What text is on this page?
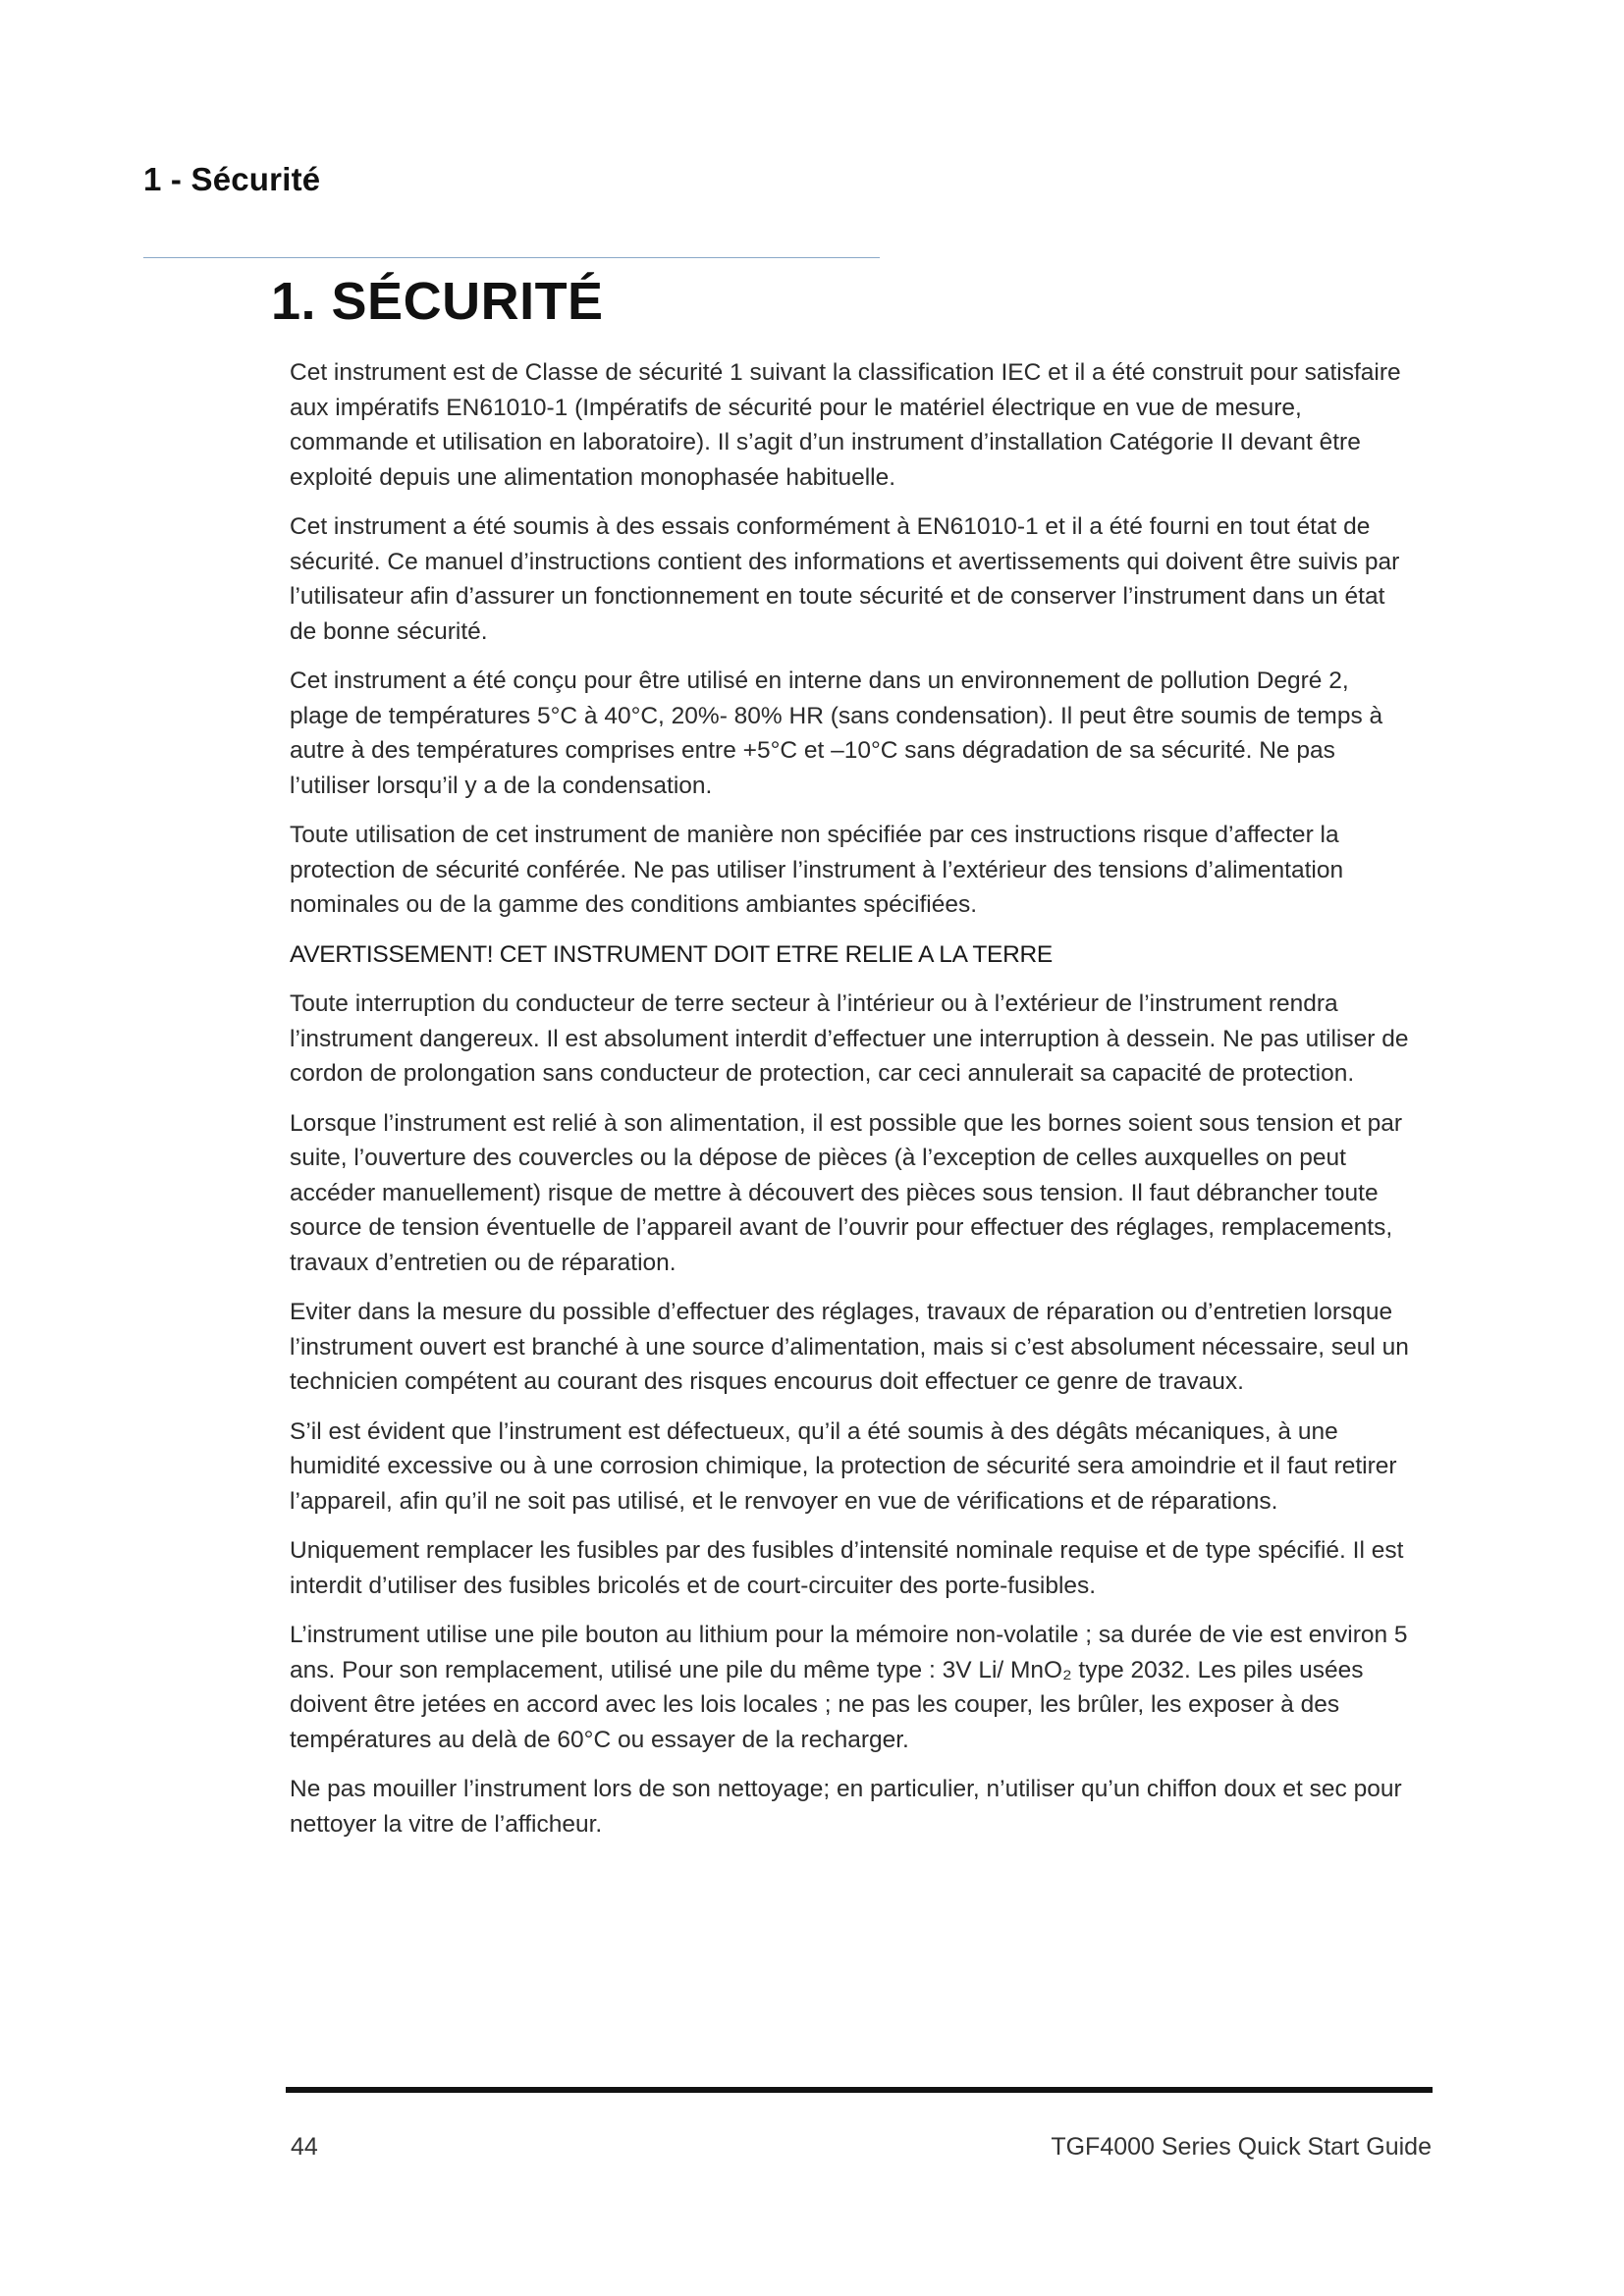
1 - Sécurité
1. SÉCURITÉ

Cet instrument est de Classe de sécurité 1 suivant la classification IEC et il a été construit pour satisfaire aux impératifs EN61010-1 (Impératifs de sécurité pour le matériel électrique en vue de mesure, commande et utilisation en laboratoire). Il s’agit d’un instrument d’installation Catégorie II devant être exploité depuis une alimentation monophasée habituelle.

Cet instrument a été soumis à des essais conformément à EN61010-1 et il a été fourni en tout état de sécurité. Ce manuel d’instructions contient des informations et avertissements qui doivent être suivis par l’utilisateur afin d’assurer un fonctionnement en toute sécurité et de conserver l’instrument dans un état de bonne sécurité.

Cet instrument a été conçu pour être utilisé en interne dans un environnement de pollution Degré 2, plage de températures 5°C à 40°C, 20%- 80% HR (sans condensation). Il peut être soumis de temps à autre à des températures comprises entre +5°C et –10°C sans dégradation de sa sécurité. Ne pas l’utiliser lorsqu’il y a de la condensation.

Toute utilisation de cet instrument de manière non spécifiée par ces instructions risque d’affecter la protection de sécurité conférée. Ne pas utiliser l’instrument à l’extérieur des tensions d’alimentation nominales ou de la gamme des conditions ambiantes spécifiées.

AVERTISSEMENT! CET INSTRUMENT DOIT ETRE RELIE A LA TERRE

Toute interruption du conducteur de terre secteur à l’intérieur ou à l’extérieur de l’instrument rendra l’instrument dangereux. Il est absolument interdit d’effectuer une interruption à dessein. Ne pas utiliser de cordon de prolongation sans conducteur de protection, car ceci annulerait sa capacité de protection.

Lorsque l’instrument est relié à son alimentation, il est possible que les bornes soient sous tension et par suite, l’ouverture des couvercles ou la dépose de pièces (à l’exception de celles auxquelles on peut accéder manuellement) risque de mettre à découvert des pièces sous tension. Il faut débrancher toute source de tension éventuelle de l’appareil avant de l’ouvrir pour effectuer des réglages, remplacements, travaux d’entretien ou de réparation.

Eviter dans la mesure du possible d’effectuer des réglages, travaux de réparation ou d’entretien lorsque l’instrument ouvert est branché à une source d’alimentation, mais si c’est absolument nécessaire, seul un technicien compétent au courant des risques encourus doit effectuer ce genre de travaux.

S’il est évident que l’instrument est défectueux, qu’il a été soumis à des dégâts mécaniques, à une humidité excessive ou à une corrosion chimique, la protection de sécurité sera amoindrie et il faut retirer l’appareil, afin qu’il ne soit pas utilisé, et le renvoyer en vue de vérifications et de réparations.

Uniquement remplacer les fusibles par des fusibles d’intensité nominale requise et de type spécifié. Il est interdit d’utiliser des fusibles bricolés et de court-circuiter des porte-fusibles.

L’instrument utilise une pile bouton au lithium pour la mémoire non-volatile ; sa durée de vie est environ 5 ans. Pour son remplacement, utilisé une pile du même type : 3V Li/ MnO₂ type 2032. Les piles usées doivent être jetées en accord avec les lois locales ; ne pas les couper, les brûler, les exposer à des températures au delà de 60°C ou essayer de la recharger.

Ne pas mouiller l’instrument lors de son nettoyage; en particulier, n’utiliser qu’un chiffon doux et sec pour nettoyer la vitre de l’afficheur.

44	TGF4000 Series Quick Start Guide
